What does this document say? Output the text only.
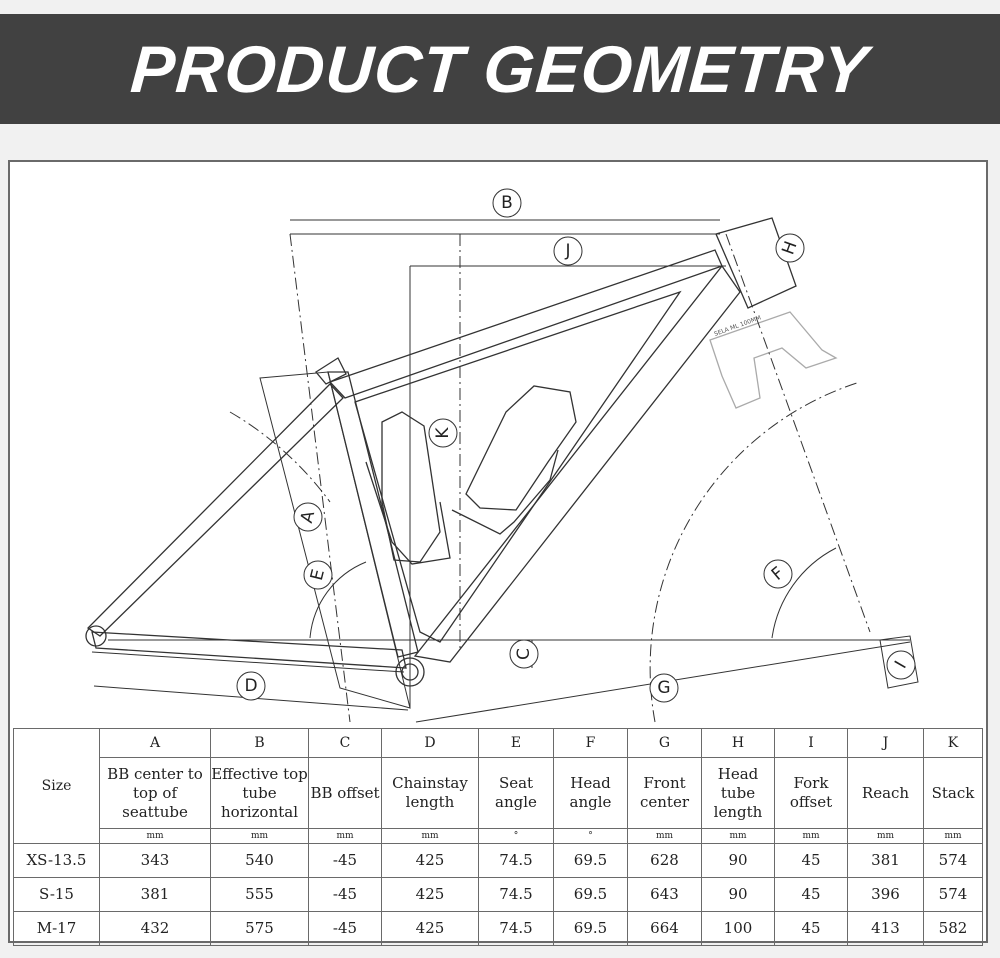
PRODUCT GEOMETRY
B
J	H
K
A
E	F
C
D	G
I
SELA ML 100MM
Size	A	B	C	D	E	F	G	H	I	J	K
	BB center to top of seattube	Effective top tube horizontal	BB offset	Chainstay length	Seat angle	Head angle	Front center	Head tube length	Fork offset	Reach	Stack
	mm	mm	mm	mm	°	°	mm	mm	mm	mm	mm
XS-13.5	343	540	-45	425	74.5	69.5	628	90	45	381	574
S-15	381	555	-45	425	74.5	69.5	643	90	45	396	574
M-17	432	575	-45	425	74.5	69.5	664	100	45	413	582
